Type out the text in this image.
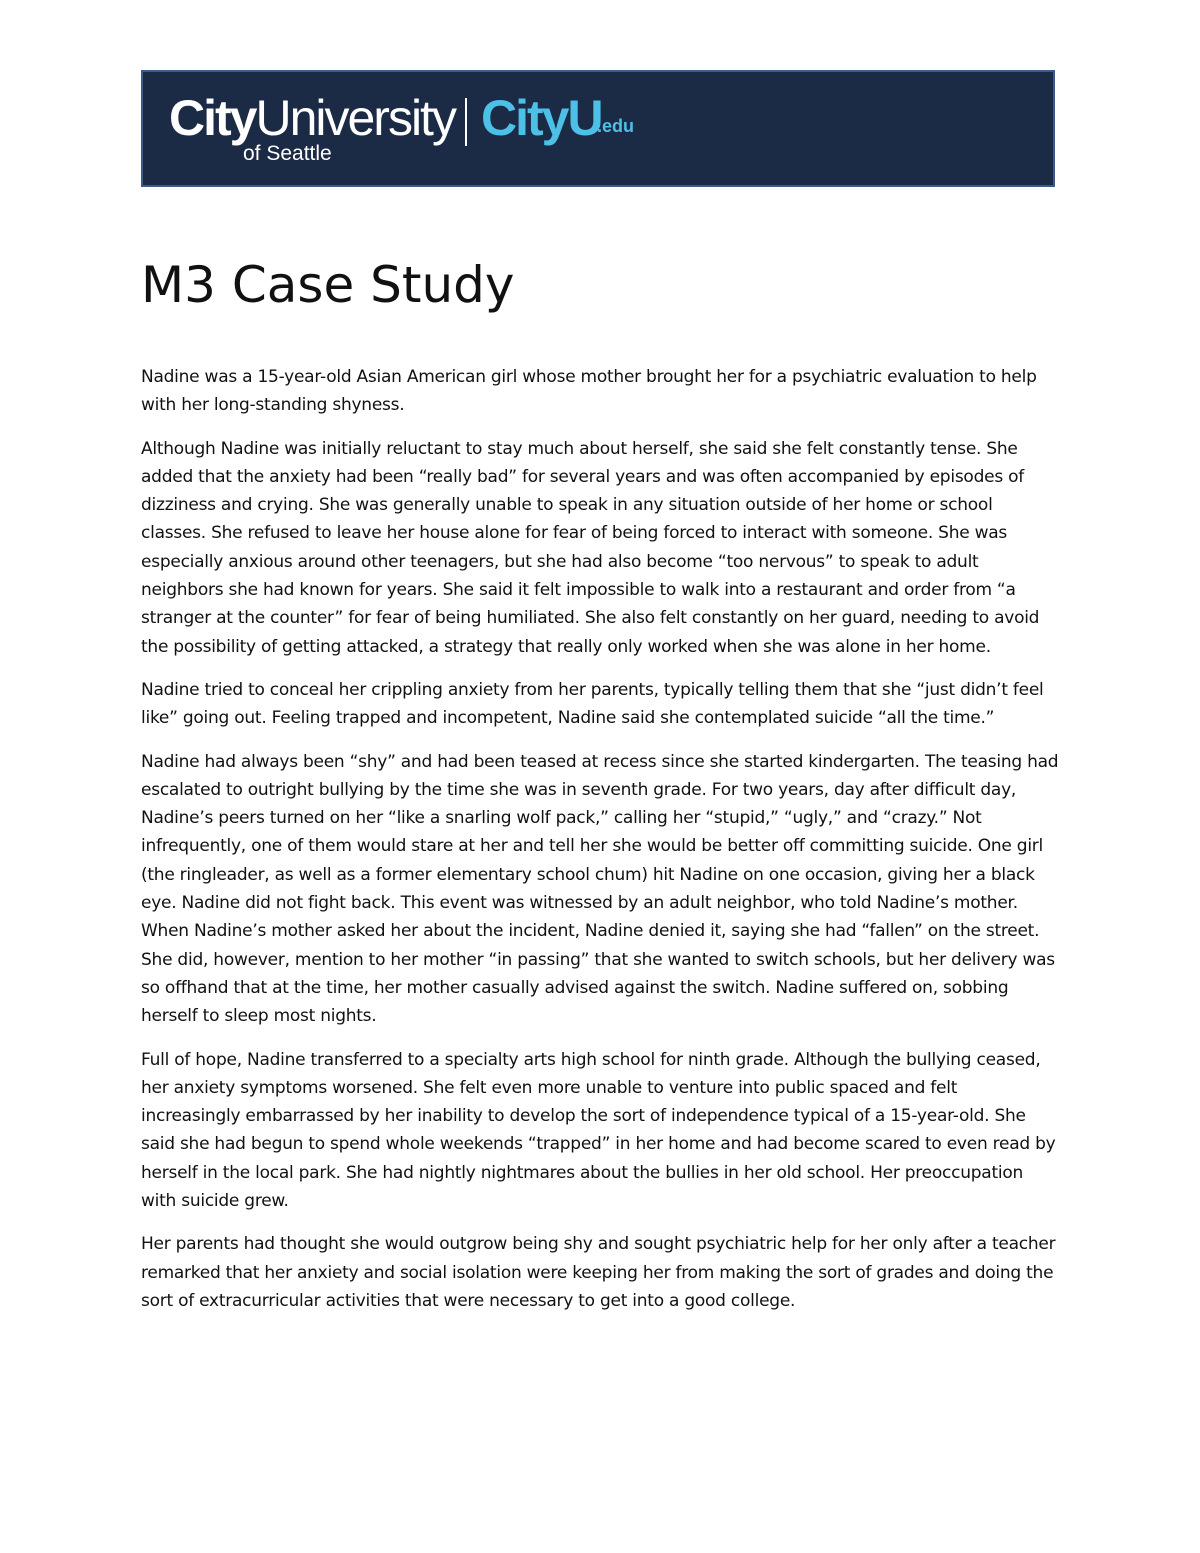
CityUniversity
of Seattle
CityU
.edu
M3 Case Study

Nadine was a 15-year-old Asian American girl whose mother brought her for a psychiatric evaluation to help with her long-standing shyness.

Although Nadine was initially reluctant to stay much about herself, she said she felt constantly tense. She added that the anxiety had been “really bad” for several years and was often accompanied by episodes of dizziness and crying. She was generally unable to speak in any situation outside of her home or school classes. She refused to leave her house alone for fear of being forced to interact with someone. She was especially anxious around other teenagers, but she had also become “too nervous” to speak to adult neighbors she had known for years. She said it felt impossible to walk into a restaurant and order from “a stranger at the counter” for fear of being humiliated. She also felt constantly on her guard, needing to avoid the possibility of getting attacked, a strategy that really only worked when she was alone in her home.

Nadine tried to conceal her crippling anxiety from her parents, typically telling them that she “just didn’t feel like” going out. Feeling trapped and incompetent, Nadine said she contemplated suicide “all the time.”

Nadine had always been “shy” and had been teased at recess since she started kindergarten. The teasing had escalated to outright bullying by the time she was in seventh grade. For two years, day after difficult day, Nadine’s peers turned on her “like a snarling wolf pack,” calling her “stupid,” “ugly,” and “crazy.” Not infrequently, one of them would stare at her and tell her she would be better off committing suicide. One girl (the ringleader, as well as a former elementary school chum) hit Nadine on one occasion, giving her a black eye. Nadine did not fight back. This event was witnessed by an adult neighbor, who told Nadine’s mother. When Nadine’s mother asked her about the incident, Nadine denied it, saying she had “fallen” on the street. She did, however, mention to her mother “in passing” that she wanted to switch schools, but her delivery was so offhand that at the time, her mother casually advised against the switch. Nadine suffered on, sobbing herself to sleep most nights.

Full of hope, Nadine transferred to a specialty arts high school for ninth grade. Although the bullying ceased, her anxiety symptoms worsened. She felt even more unable to venture into public spaced and felt increasingly embarrassed by her inability to develop the sort of independence typical of a 15-year-old. She said she had begun to spend whole weekends “trapped” in her home and had become scared to even read by herself in the local park. She had nightly nightmares about the bullies in her old school. Her preoccupation with suicide grew.

Her parents had thought she would outgrow being shy and sought psychiatric help for her only after a teacher remarked that her anxiety and social isolation were keeping her from making the sort of grades and doing the sort of extracurricular activities that were necessary to get into a good college.
